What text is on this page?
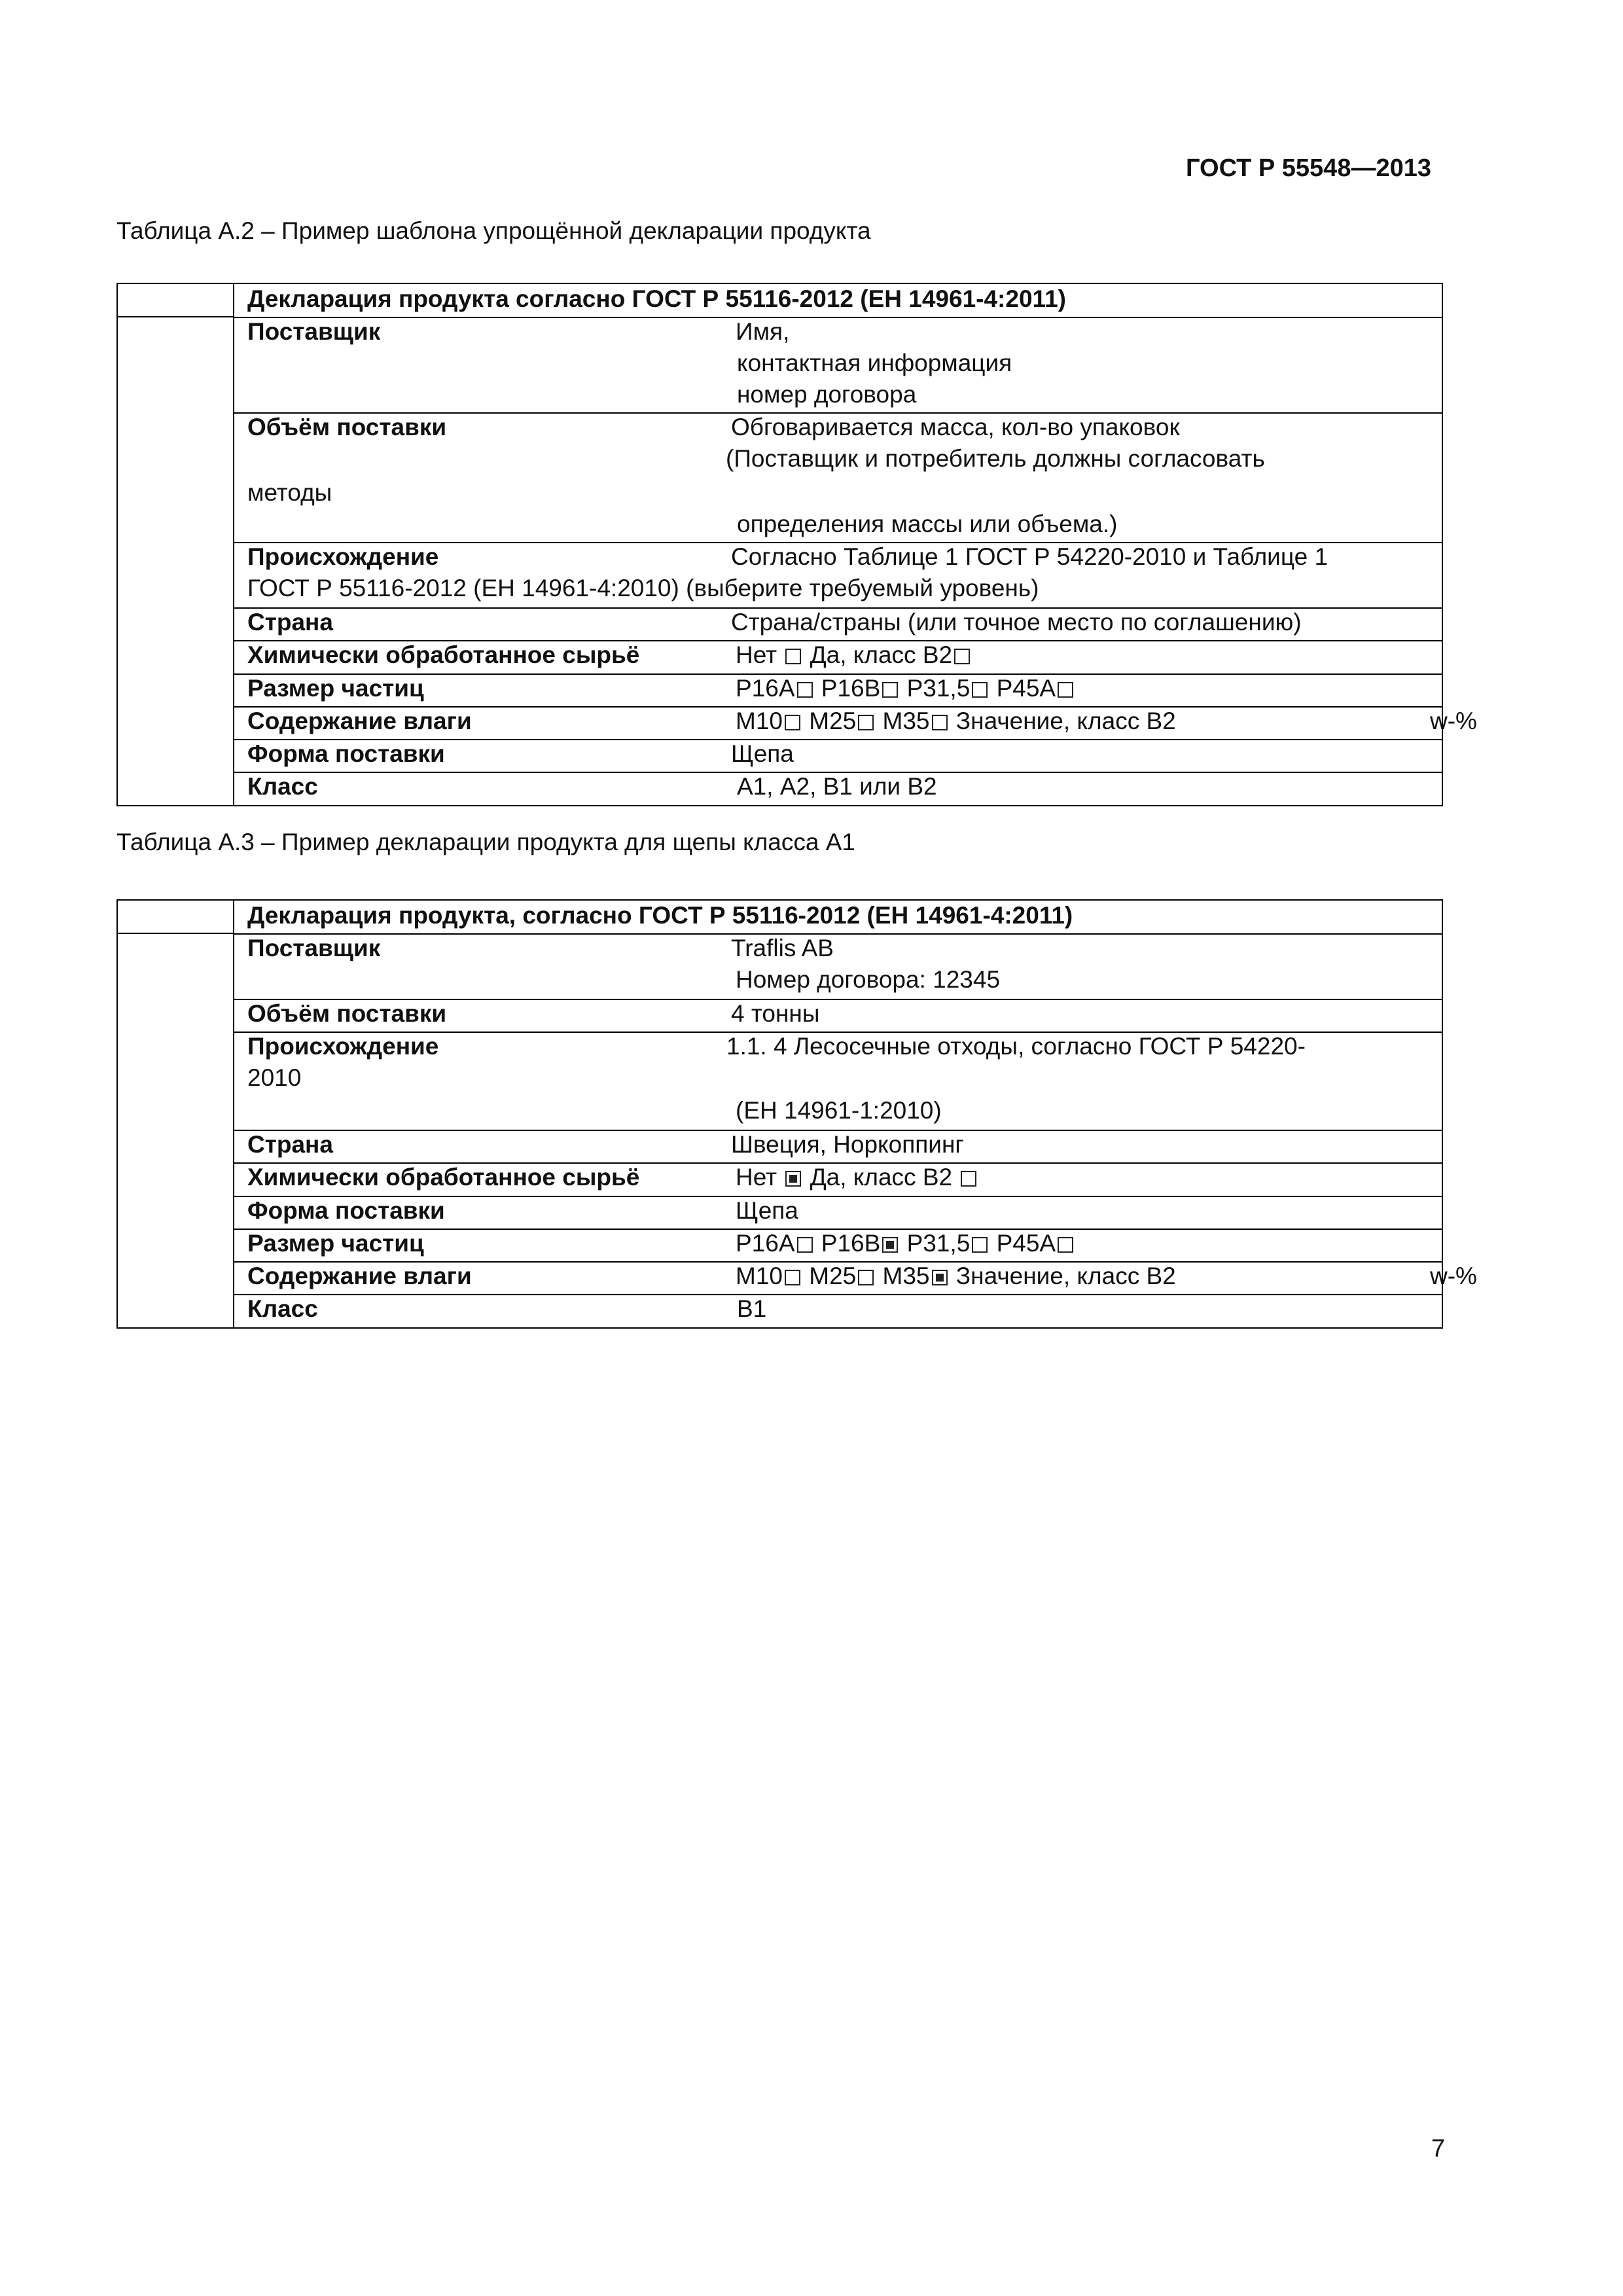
ГОСТ Р 55548—2013
Таблица А.2 – Пример шаблона упрощённой декларации продукта
Декларация продукта согласно ГОСТ Р 55116-2012 (ЕН 14961-4:2011)
Поставщик	Имя,
контактная информация
номер договора
Объём поставки	Обговаривается масса, кол-во упаковок
(Поставщик и потребитель должны согласовать
методы
определения массы или объема.)
Происхождение	Согласно Таблице 1 ГОСТ Р 54220-2010 и Таблице 1
ГОСТ Р 55116-2012 (ЕН 14961-4:2010) (выберите требуемый уровень)
Страна	Страна/страны (или точное место по соглашению)
Химически обработанное сырьё	Нет Да, класс В2
Размер частиц	Р16А Р16В Р31,5 Р45А
Содержание влаги	М10 М25 М35 Значение, класс В2	w-%
Форма поставки	Щепа
Класс	А1, А2, В1 или В2
Таблица А.3 – Пример декларации продукта для щепы класса А1
Декларация продукта, согласно ГОСТ Р 55116-2012 (ЕН 14961-4:2011)
Поставщик	Traflis AB
Номер договора: 12345
Объём поставки	4 тонны
Происхождение	1.1. 4 Лесосечные отходы, согласно ГОСТ Р 54220-
2010
(ЕН 14961-1:2010)
Страна	Швеция, Норкоппинг
Химически обработанное сырьё	Нет Да, класс В2
Форма поставки	Щепа
Размер частиц	Р16А Р16В Р31,5 Р45А
Содержание влаги	М10 М25 М35 Значение, класс В2	w-%
Класс	В1
7
